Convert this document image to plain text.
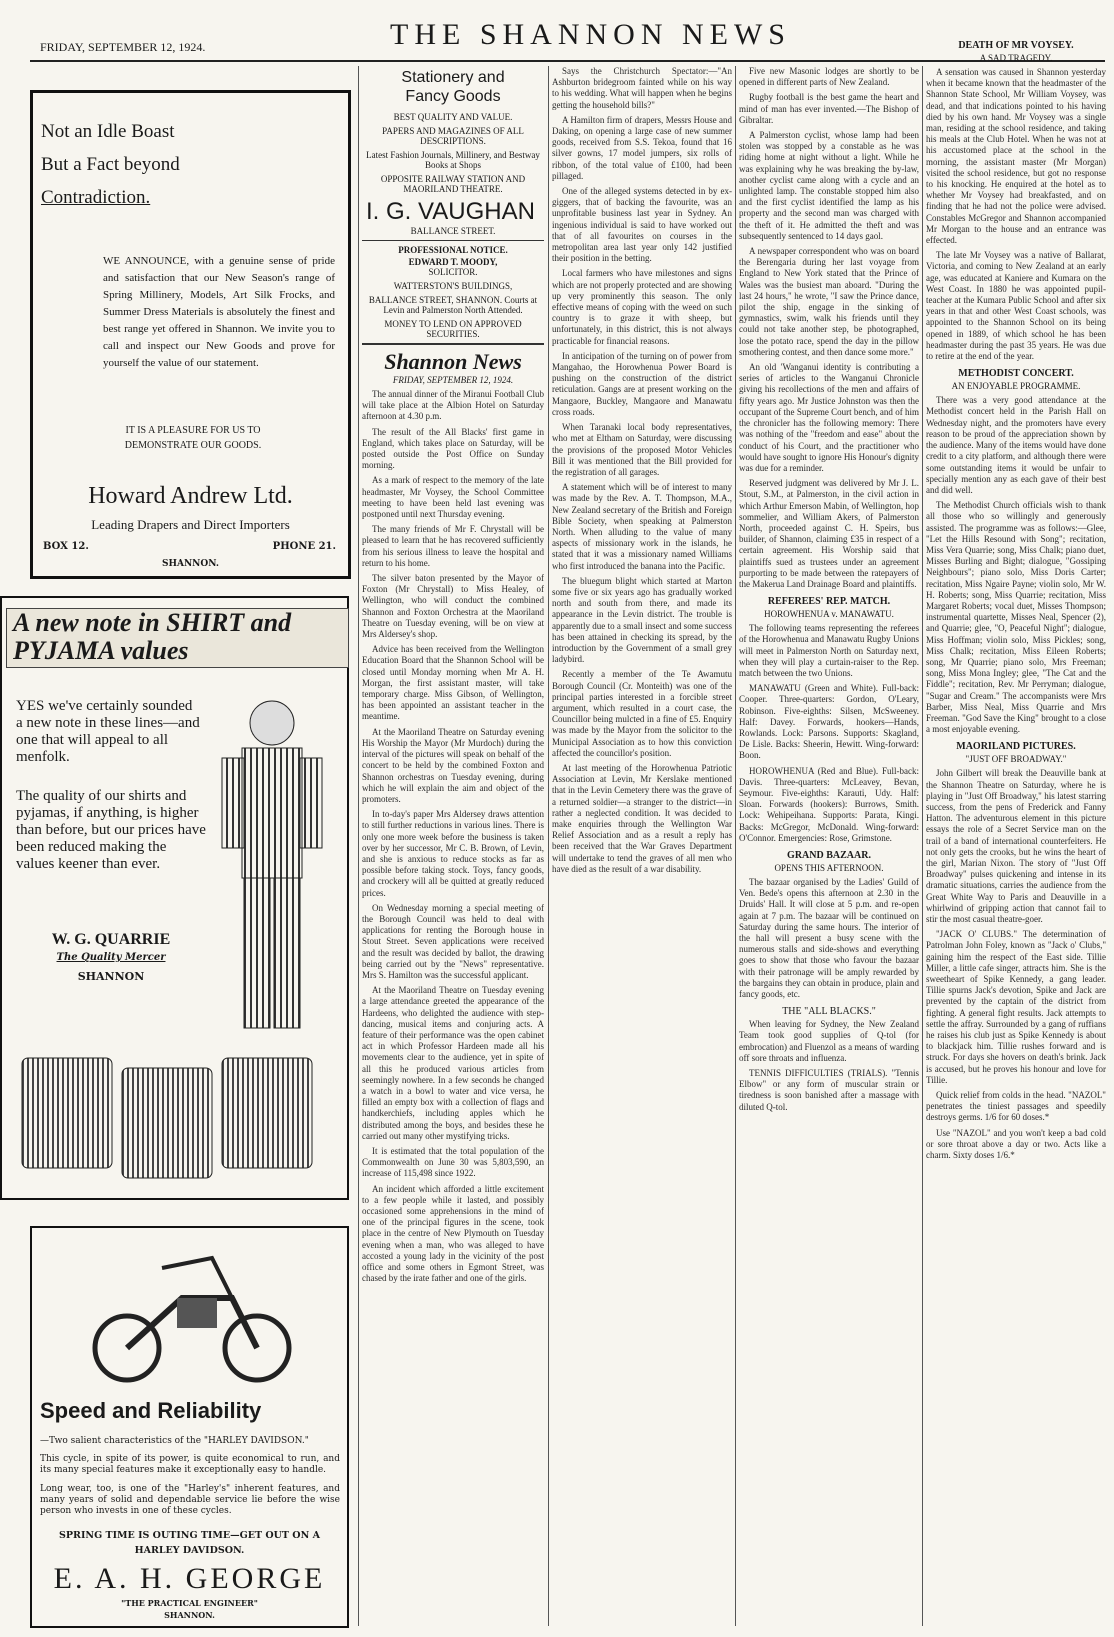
FRIDAY, SEPTEMBER 12, 1924.	THE SHANNON NEWS
Not an Idle Boast
But a Fact beyond
Contradiction.
WE ANNOUNCE, with a genuine sense of pride and satisfaction that our New Season's range of Spring Millinery, Models, Art Silk Frocks, and Summer Dress Materials is absolutely the finest and best range yet offered in Shannon. We invite you to call and inspect our New Goods and prove for yourself the value of our statement.
IT IS A PLEASURE FOR US TO DEMONSTRATE OUR GOODS.
Howard Andrew Ltd.
Leading Drapers and Direct Importers
BOX 12.	PHONE 21.
SHANNON.
A new note in SHIRT and PYJAMA values
YES we've certainly sounded a new note in these lines—and one that will appeal to all menfolk.
The quality of our shirts and pyjamas, if anything, is higher than before, but our prices have been reduced making the values keener than ever.
W. G. QUARRIE
The Quality Mercer
SHANNON
Speed and Reliability
—Two salient characteristics of the "HARLEY DAVIDSON."
This cycle, in spite of its power, is quite economical to run, and its many special features make it exceptionally easy to handle.
Long wear, too, is one of the "Harley's" inherent features, and many years of solid and dependable service lie before the wise person who invests in one of these cycles.
SPRING TIME IS OUTING TIME—GET OUT ON A HARLEY DAVIDSON.
E. A. H. GEORGE
"THE PRACTICAL ENGINEER"
SHANNON.
Stationery and
Fancy Goods
BEST QUALITY AND VALUE.
PAPERS AND MAGAZINES OF ALL DESCRIPTIONS.
Latest Fashion Journals, Millinery, and Bestway Books at Shops
OPPOSITE RAILWAY STATION AND MAORILAND THEATRE.
I. G. VAUGHAN
BALLANCE STREET.
PROFESSIONAL NOTICE.
EDWARD T. MOODY,
SOLICITOR.
WATTERSTON'S BUILDINGS,
BALLANCE STREET, SHANNON. Courts at Levin and Palmerston North Attended.
MONEY TO LEND ON APPROVED SECURITIES.
Shannon News
FRIDAY, SEPTEMBER 12, 1924.

The annual dinner of the Miranui Football Club will take place at the Albion Hotel on Saturday afternoon at 4.30 p.m.

The result of the All Blacks' first game in England, which takes place on Saturday, will be posted outside the Post Office on Sunday morning.

As a mark of respect to the memory of the late headmaster, Mr Voysey, the School Committee meeting to have been held last evening was postponed until next Thursday evening.

The many friends of Mr F. Chrystall will be pleased to learn that he has recovered sufficiently from his serious illness to leave the hospital and return to his home.

The silver baton presented by the Mayor of Foxton (Mr Chrystall) to Miss Healey, of Wellington, who will conduct the combined Shannon and Foxton Orchestra at the Maoriland Theatre on Tuesday evening, will be on view at Mrs Aldersey's shop.

Advice has been received from the Wellington Education Board that the Shannon School will be closed until Monday morning when Mr A. H. Morgan, the first assistant master, will take temporary charge. Miss Gibson, of Wellington, has been appointed an assistant teacher in the meantime.

At the Maoriland Theatre on Saturday evening His Worship the Mayor (Mr Murdoch) during the interval of the pictures will speak on behalf of the concert to be held by the combined Foxton and Shannon orchestras on Tuesday evening, during which he will explain the aim and object of the promoters.

In to-day's paper Mrs Aldersey draws attention to still further reductions in various lines. There is only one more week before the business is taken over by her successor, Mr C. B. Brown, of Levin, and she is anxious to reduce stocks as far as possible before taking stock. Toys, fancy goods, and crockery will all be quitted at greatly reduced prices.

On Wednesday morning a special meeting of the Borough Council was held to deal with applications for renting the Borough house in Stout Street. Seven applications were received and the result was decided by ballot, the drawing being carried out by the "News" representative. Mrs S. Hamilton was the successful applicant.

At the Maoriland Theatre on Tuesday evening a large attendance greeted the appearance of the Hardeens, who delighted the audience with step-dancing, musical items and conjuring acts. A feature of their performance was the open cabinet act in which Professor Hardeen made all his movements clear to the audience, yet in spite of all this he produced various articles from seemingly nowhere. In a few seconds he changed a watch in a bowl to water and vice versa, he filled an empty box with a collection of flags and handkerchiefs, including apples which he distributed among the boys, and besides these he carried out many other mystifying tricks.

It is estimated that the total population of the Commonwealth on June 30 was 5,803,590, an increase of 115,498 since 1922.

An incident which afforded a little excitement to a few people while it lasted, and possibly occasioned some apprehensions in the mind of one of the principal figures in the scene, took place in the centre of New Plymouth on Tuesday evening when a man, who was alleged to have accosted a young lady in the vicinity of the post office and some others in Egmont Street, was chased by the irate father and one of the girls.

Says the Christchurch Spectator:—"An Ashburton bridegroom fainted while on his way to his wedding. What will happen when he begins getting the household bills?"

A Hamilton firm of drapers, Messrs House and Daking, on opening a large case of new summer goods, received from S.S. Tekoa, found that 16 silver gowns, 17 model jumpers, six rolls of ribbon, of the total value of £100, had been pillaged.

One of the alleged systems detected in by ex-giggers, that of backing the favourite, was an unprofitable business last year in Sydney. An ingenious individual is said to have worked out that of all favourites on courses in the metropolitan area last year only 142 justified their position in the betting.

Local farmers who have milestones and signs which are not properly protected and are showing up very prominently this season. The only effective means of coping with the weed on such country is to graze it with sheep, but unfortunately, in this district, this is not always practicable for financial reasons.

In anticipation of the turning on of power from Mangahao, the Horowhenua Power Board is pushing on the construction of the district reticulation. Gangs are at present working on the Mangaore, Buckley, Mangaore and Manawatu cross roads.

When Taranaki local body representatives, who met at Eltham on Saturday, were discussing the provisions of the proposed Motor Vehicles Bill it was mentioned that the Bill provided for the registration of all garages.

A statement which will be of interest to many was made by the Rev. A. T. Thompson, M.A., New Zealand secretary of the British and Foreign Bible Society, when speaking at Palmerston North. When alluding to the value of many aspects of missionary work in the islands, he stated that it was a missionary named Williams who first introduced the banana into the Pacific.

The bluegum blight which started at Marton some five or six years ago has gradually worked north and south from there, and made its appearance in the Levin district. The trouble is apparently due to a small insect and some success has been attained in checking its spread, by the introduction by the Government of a small grey ladybird.

Recently a member of the Te Awamutu Borough Council (Cr. Monteith) was one of the principal parties interested in a forcible street argument, which resulted in a court case, the Councillor being mulcted in a fine of £5. Enquiry was made by the Mayor from the solicitor to the Municipal Association as to how this conviction affected the councillor's position.

At last meeting of the Horowhenua Patriotic Association at Levin, Mr Kerslake mentioned that in the Levin Cemetery there was the grave of a returned soldier—a stranger to the district—in rather a neglected condition. It was decided to make enquiries through the Wellington War Relief Association and as a result a reply has been received that the War Graves Department will undertake to tend the graves of all men who have died as the result of a war disability.

Five new Masonic lodges are shortly to be opened in different parts of New Zealand.

Rugby football is the best game the heart and mind of man has ever invented.—The Bishop of Gibraltar.

A Palmerston cyclist, whose lamp had been stolen was stopped by a constable as he was riding home at night without a light. While he was explaining why he was breaking the by-law, another cyclist came along with a cycle and an unlighted lamp. The constable stopped him also and the first cyclist identified the lamp as his property and the second man was charged with the theft of it. He admitted the theft and was subsequently sentenced to 14 days gaol.

A newspaper correspondent who was on board the Berengaria during her last voyage from England to New York stated that the Prince of Wales was the busiest man aboard. "During the last 24 hours," he wrote, "I saw the Prince dance, pilot the ship, engage in the sinking of gymnastics, swim, walk his friends until they could not take another step, be photographed, lose the potato race, spend the day in the pillow smothering contest, and then dance some more."

An old 'Wanganui identity is contributing a series of articles to the Wanganui Chronicle giving his recollections of the men and affairs of fifty years ago. Mr Justice Johnston was then the occupant of the Supreme Court bench, and of him the chronicler has the following memory: There was nothing of the "freedom and ease" about the conduct of his Court, and the practitioner who would have sought to ignore His Honour's dignity was due for a reminder.

Reserved judgment was delivered by Mr J. L. Stout, S.M., at Palmerston, in the civil action in which Arthur Emerson Mabin, of Wellington, hop sommelier, and William Akers, of Palmerston North, proceeded against C. H. Speirs, bus builder, of Shannon, claiming £35 in respect of a certain agreement. His Worship said that plaintiffs sued as trustees under an agreement purporting to be made between the ratepayers of the Makerua Land Drainage Board and plaintiffs.

REFEREES' REP. MATCH.
HOROWHENUA v. MANAWATU.

The following teams representing the referees of the Horowhenua and Manawatu Rugby Unions will meet in Palmerston North on Saturday next, when they will play a curtain-raiser to the Rep. match between the two Unions.

MANAWATU (Green and White). Full-back: Cooper. Three-quarters: Gordon, O'Leary, Robinson. Five-eighths: Silsen, McSweeney. Half: Davey. Forwards, hookers—Hands, Rowlands. Lock: Parsons. Supports: Skagland, De Lisle. Backs: Sheerin, Hewitt. Wing-forward: Boon.

HOROWHENUA (Red and Blue). Full-back: Davis. Three-quarters: McLeavey, Bevan, Seymour. Five-eighths: Karauti, Udy. Half: Sloan. Forwards (hookers): Burrows, Smith. Lock: Wehipeihana. Supports: Parata, Kingi. Backs: McGregor, McDonald. Wing-forward: O'Connor. Emergencies: Rose, Grimstone.

GRAND BAZAAR.
OPENS THIS AFTERNOON.

The bazaar organised by the Ladies' Guild of Ven. Bede's opens this afternoon at 2.30 in the Druids' Hall. It will close at 5 p.m. and re-open again at 7 p.m. The bazaar will be continued on Saturday during the same hours. The interior of the hall will present a busy scene with the numerous stalls and side-shows and everything goes to show that those who favour the bazaar with their patronage will be amply rewarded by the bargains they can obtain in produce, plain and fancy goods, etc.

THE "ALL BLACKS."

When leaving for Sydney, the New Zealand Team took good supplies of Q-tol (for embrocation) and Fluenzol as a means of warding off sore throats and influenza.

TENNIS DIFFICULTIES (TRIALS). "Tennis Elbow" or any form of muscular strain or tiredness is soon banished after a massage with diluted Q-tol.

DEATH OF MR VOYSEY.
A SAD TRAGEDY.

A sensation was caused in Shannon yesterday when it became known that the headmaster of the Shannon State School, Mr William Voysey, was dead, and that indications pointed to his having died by his own hand. Mr Voysey was a single man, residing at the school residence, and taking his meals at the Club Hotel. When he was not at his accustomed place at the school in the morning, the assistant master (Mr Morgan) visited the school residence, but got no response to his knocking. He enquired at the hotel as to whether Mr Voysey had breakfasted, and on finding that he had not the police were advised. Constables McGregor and Shannon accompanied Mr Morgan to the house and an entrance was effected.

The late Mr Voysey was a native of Ballarat, Victoria, and coming to New Zealand at an early age, was educated at Kaniere and Kumara on the West Coast. In 1880 he was appointed pupil-teacher at the Kumara Public School and after six years in that and other West Coast schools, was appointed to the Shannon School on its being opened in 1889, of which school he has been headmaster during the past 35 years. He was due to retire at the end of the year.

METHODIST CONCERT.
AN ENJOYABLE PROGRAMME.

There was a very good attendance at the Methodist concert held in the Parish Hall on Wednesday night, and the promoters have every reason to be proud of the appreciation shown by the audience. Many of the items would have done credit to a city platform, and although there were some outstanding items it would be unfair to specially mention any as each gave of their best and did well.

The Methodist Church officials wish to thank all those who so willingly and generously assisted. The programme was as follows:—Glee, "Let the Hills Resound with Song"; recitation, Miss Vera Quarrie; song, Miss Chalk; piano duet, Misses Burling and Bight; dialogue, "Gossiping Neighbours"; piano solo, Miss Doris Carter; recitation, Miss Ngaire Payne; violin solo, Mr W. H. Roberts; song, Miss Quarrie; recitation, Miss Margaret Roberts; vocal duet, Misses Thompson; instrumental quartette, Misses Neal, Spencer (2), and Quarrie; glee, "O, Peaceful Night"; dialogue, Miss Hoffman; violin solo, Miss Pickles; song, Miss Chalk; recitation, Miss Eileen Roberts; song, Mr Quarrie; piano solo, Mrs Freeman; song, Miss Mona Ingley; glee, "The Cat and the Fiddle"; recitation, Rev. Mr Perryman; dialogue, "Sugar and Cream." The accompanists were Mrs Barber, Miss Neal, Miss Quarrie and Mrs Freeman. "God Save the King" brought to a close a most enjoyable evening.

MAORILAND PICTURES.
"JUST OFF BROADWAY."

John Gilbert will break the Deauville bank at the Shannon Theatre on Saturday, where he is playing in "Just Off Broadway," his latest starring success, from the pens of Frederick and Fanny Hatton. The adventurous element in this picture essays the role of a Secret Service man on the trail of a band of international counterfeiters. He not only gets the crooks, but he wins the heart of the girl, Marian Nixon. The story of "Just Off Broadway" pulses quickening and intense in its dramatic situations, carries the audience from the Great White Way to Paris and Deauville in a whirlwind of gripping action that cannot fail to stir the most casual theatre-goer.

"JACK O' CLUBS." The determination of Patrolman John Foley, known as "Jack o' Clubs," gaining him the respect of the East side. Tillie Miller, a little cafe singer, attracts him. She is the sweetheart of Spike Kennedy, a gang leader. Tillie spurns Jack's devotion, Spike and Jack are prevented by the captain of the district from fighting. A general fight results. Jack attempts to settle the affray. Surrounded by a gang of ruffians he raises his club just as Spike Kennedy is about to blackjack him. Tillie rushes forward and is struck. For days she hovers on death's brink. Jack is accused, but he proves his honour and love for Tillie.

Quick relief from colds in the head. "NAZOL" penetrates the tiniest passages and speedily destroys germs. 1/6 for 60 doses.*

Use "NAZOL" and you won't keep a bad cold or sore throat above a day or two. Acts like a charm. Sixty doses 1/6.*
